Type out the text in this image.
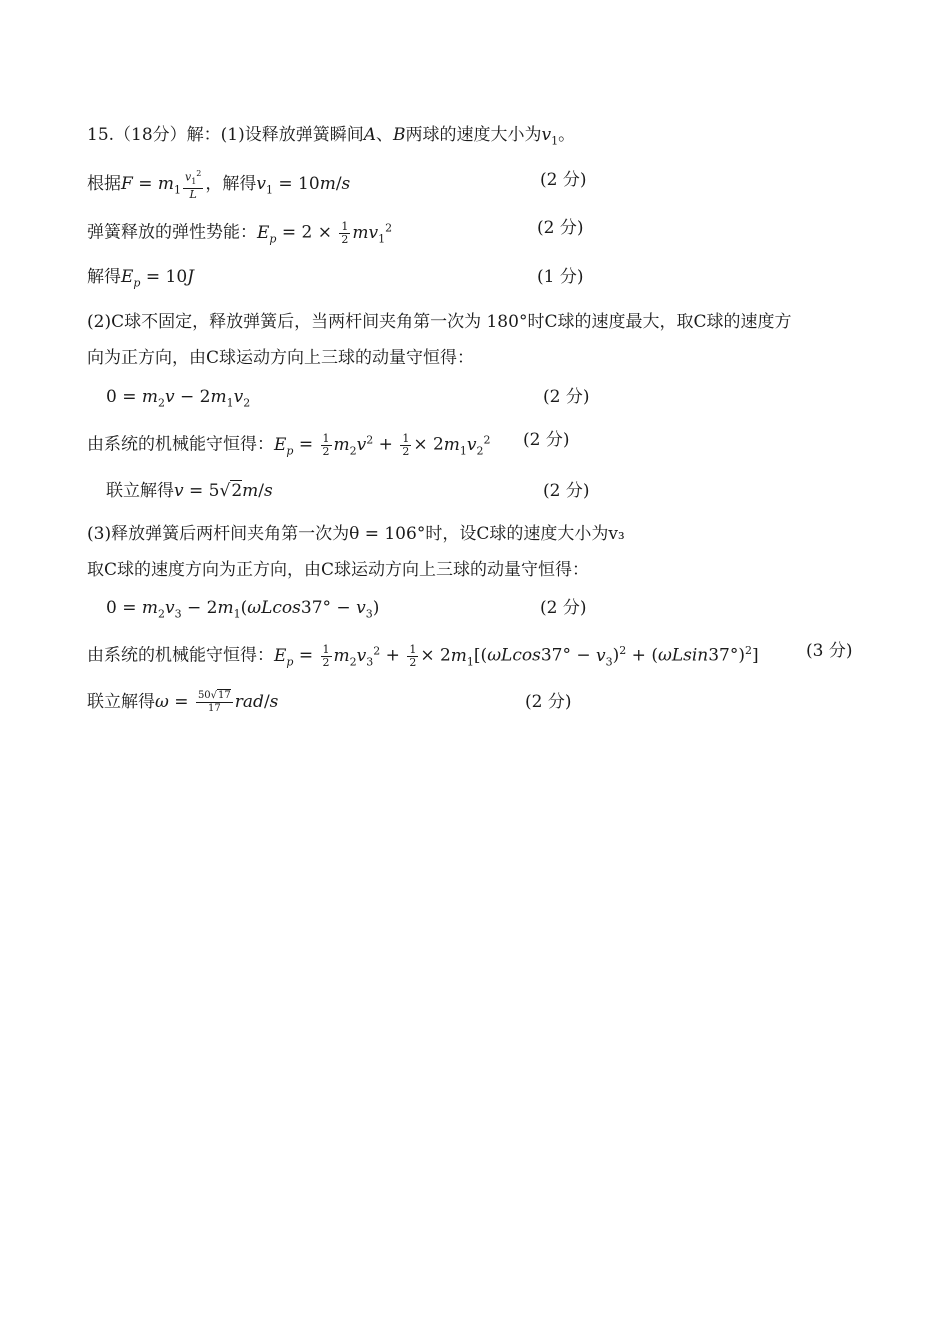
15.（18分）解：(1)设释放弹簧瞬间A、B两球的速度大小为$v_1$。
根据$F = m_1 \frac{v_1^2}{L}$ ，解得$v_1 = 10m/s$	(2 分)
弹簧释放的弹性势能：$E_p = 2 \times \frac{1}{2} mv_1^2$	(2 分)
解得$E_p = 10J$	(1 分)
(2)C球不固定，释放弹簧后，当两杆间夹角第一次为 180°时C球的速度最大，取C球的速度方
向为正方向，由C球运动方向上三球的动量守恒得：
$0 = m_2v - 2m_1v_2$	(2 分)
由系统的机械能守恒得：$E_p = \frac{1}{2} m_2v^2 + \frac{1}{2} \times 2m_1v_2^2$ (2 分)
联立解得v = 5√2m/s	(2 分)
(3)释放弹簧后两杆间夹角第一次为θ = 106°时，设C球的速度大小为v₃
取C球的速度方向为正方向，由C球运动方向上三球的动量守恒得：
$0 = m_2v_3 - 2m_1(\omega Lcos37^\circ - v_3)$	(2 分)
由系统的机械能守恒得：$E_p = \frac{1}{2} m_2v_3^2 + \frac{1}{2} \times 2m_1[(\omega Lcos37^\circ - v_3)^2 + (\omega Lsin37^\circ)^2]$	(3 分)
联立解得$\omega = \frac{50√17}{17} rad/s$	(2 分)
